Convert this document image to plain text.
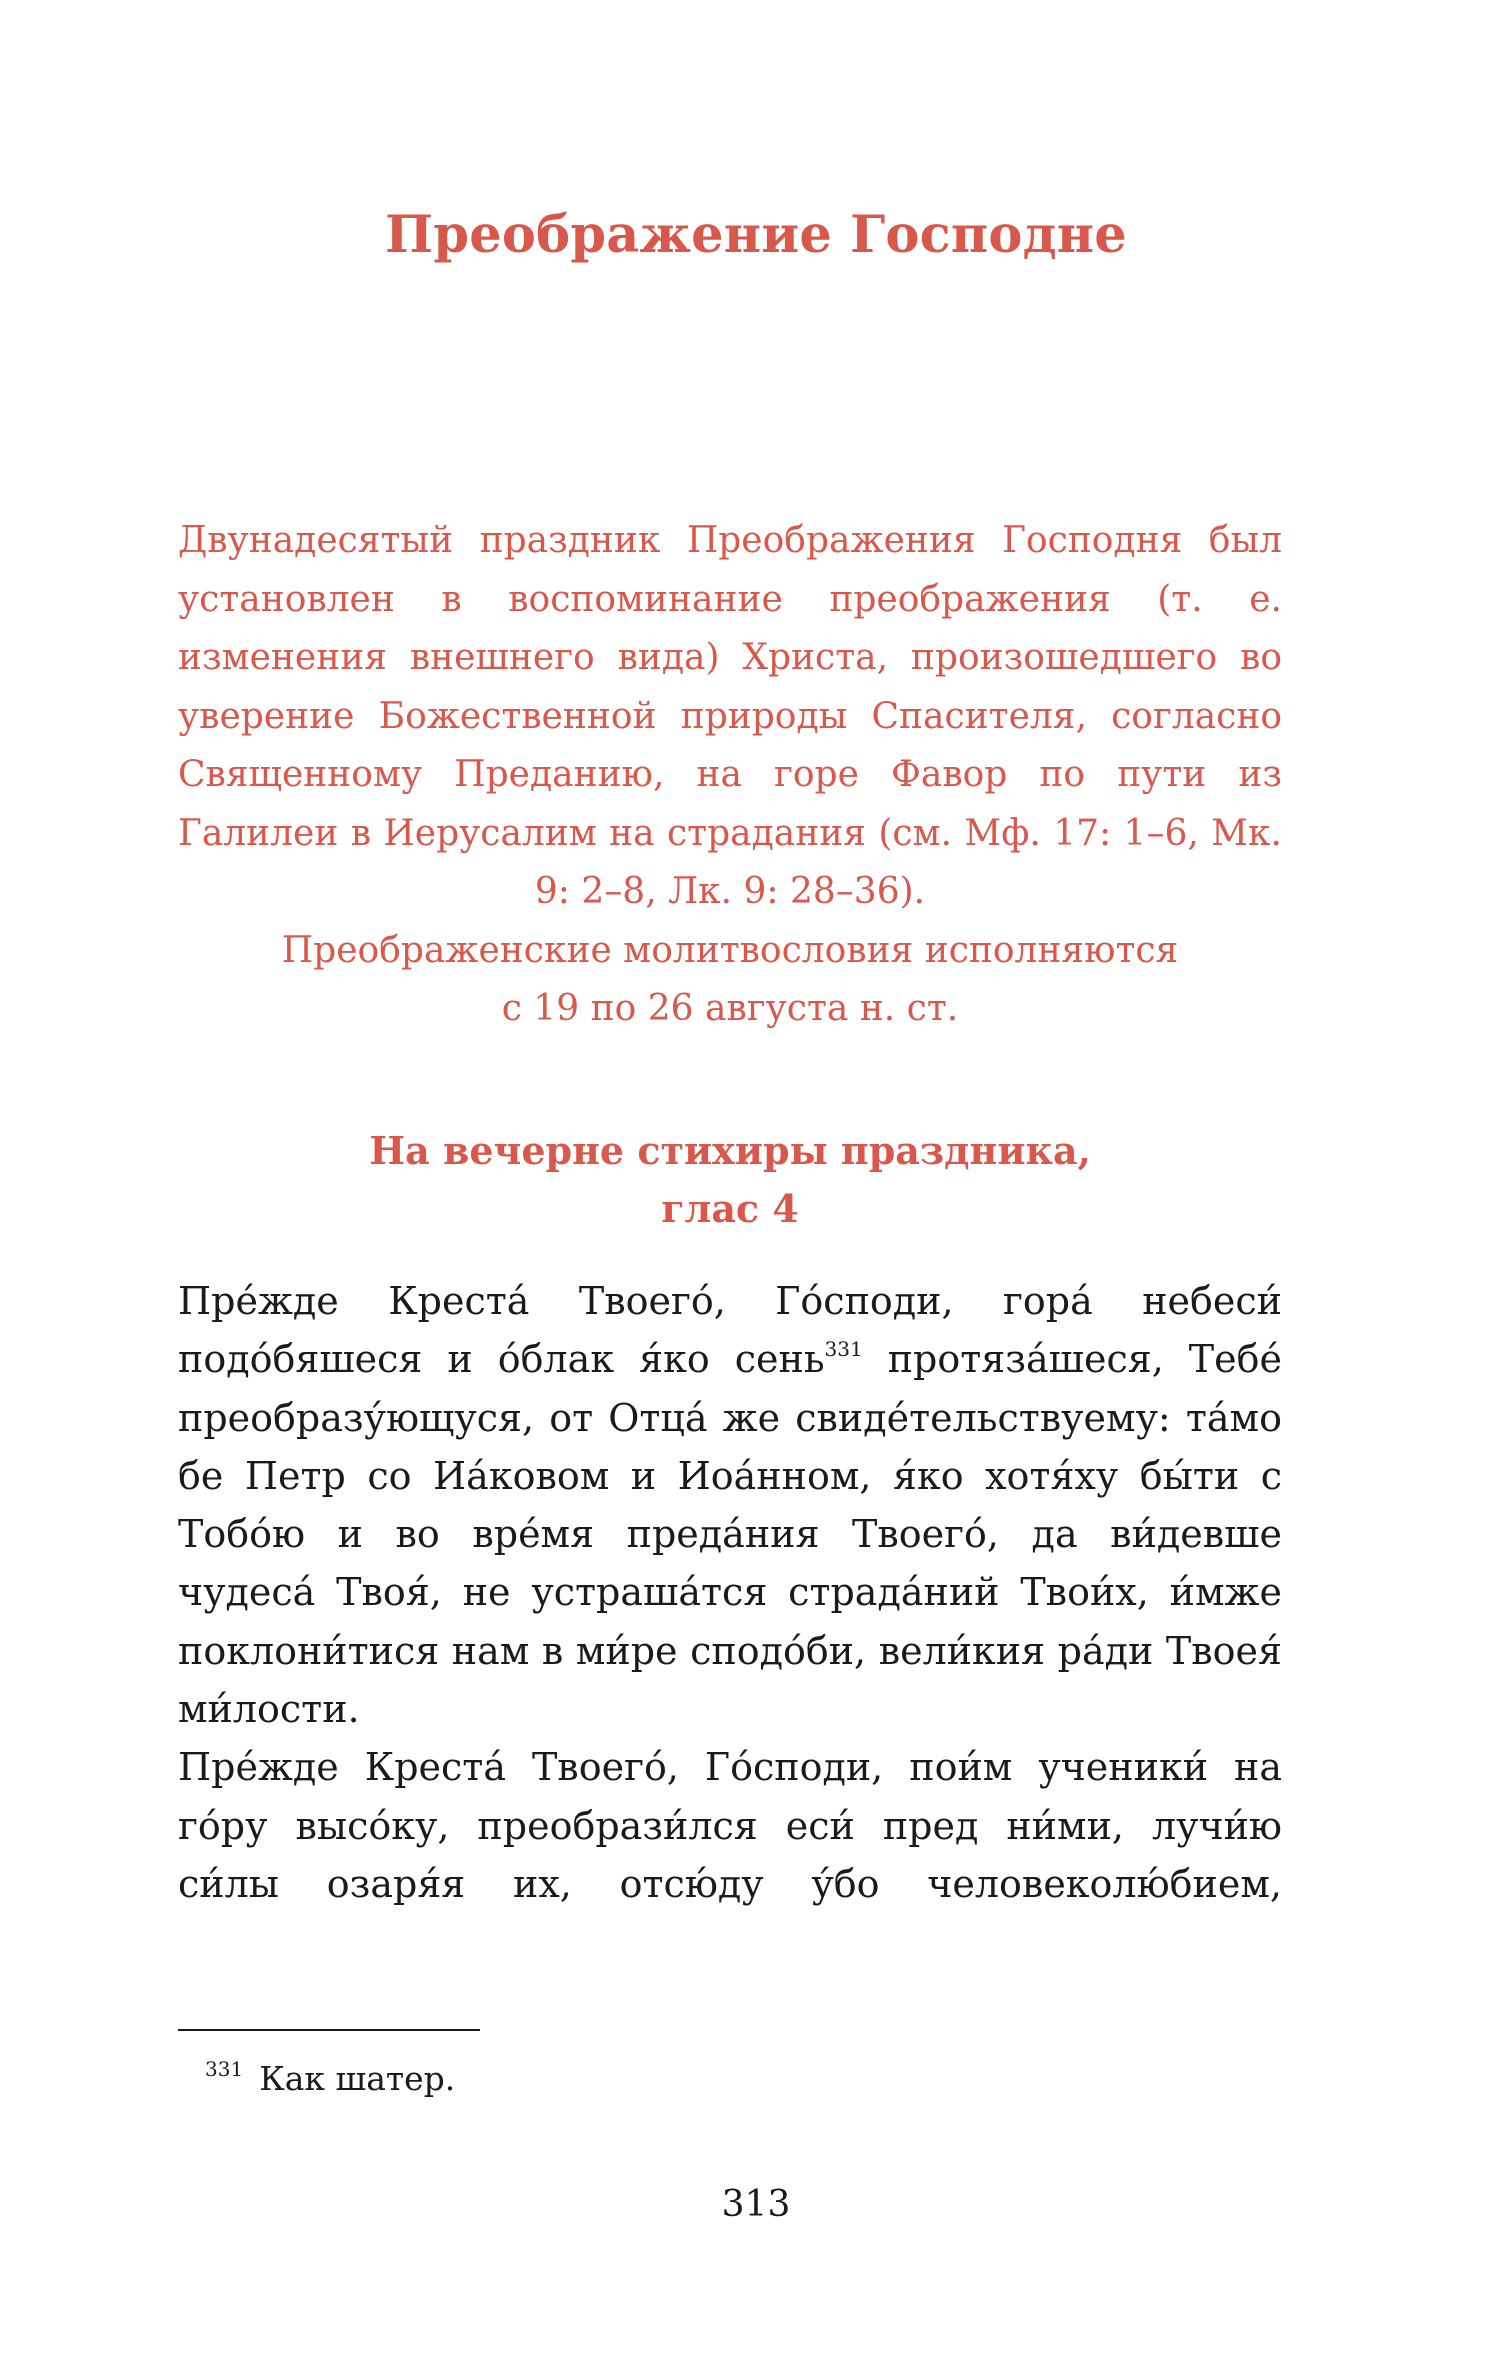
Преображение Господне

Двунадесятый праздник Преображения Господня был установлен в воспоминание преображения (т. е. изменения внешнего вида) Христа, произошедшего во уверение Божественной природы Спасителя, согласно Священному Преданию, на горе Фавор по пути из Галилеи в Иерусалим на страдания (см. Мф. 17: 1–6, Мк. 9: 2–8, Лк. 9: 28–36).

Преображенские молитвословия исполняются

с 19 по 26 августа н. ст.

На вечерне стихиры праздника,
глас 4

Пре́жде Креста́ Твоего́, Го́споди, гора́ небеси́ подо́бяшеся и о́блак я́ко сень$^{331}$ протяза́шеся, Тебе́ преобразу́ющуся, от Отца́ же свиде́тельствуему: та́мо бе Петр со Иа́ковом и Иоа́нном, я́ко хотя́ху бы́ти с Тобо́ю и во вре́мя преда́ния Твоего́, да ви́девше чудеса́ Твоя́, не устраша́тся страда́ний Твои́х, и́мже поклони́тися нам в ми́ре сподо́би, вели́кия ра́ди Твоея́ ми́лости.

Пре́жде Креста́ Твоего́, Го́споди, пои́м ученики́ на го́ру высо́ку, преобрази́лся еси́ пред ни́ми, лучи́ю си́лы озаря́я их, отсю́ду у́бо человеколю́бием,

$^{331}$ Как шатер.
313
